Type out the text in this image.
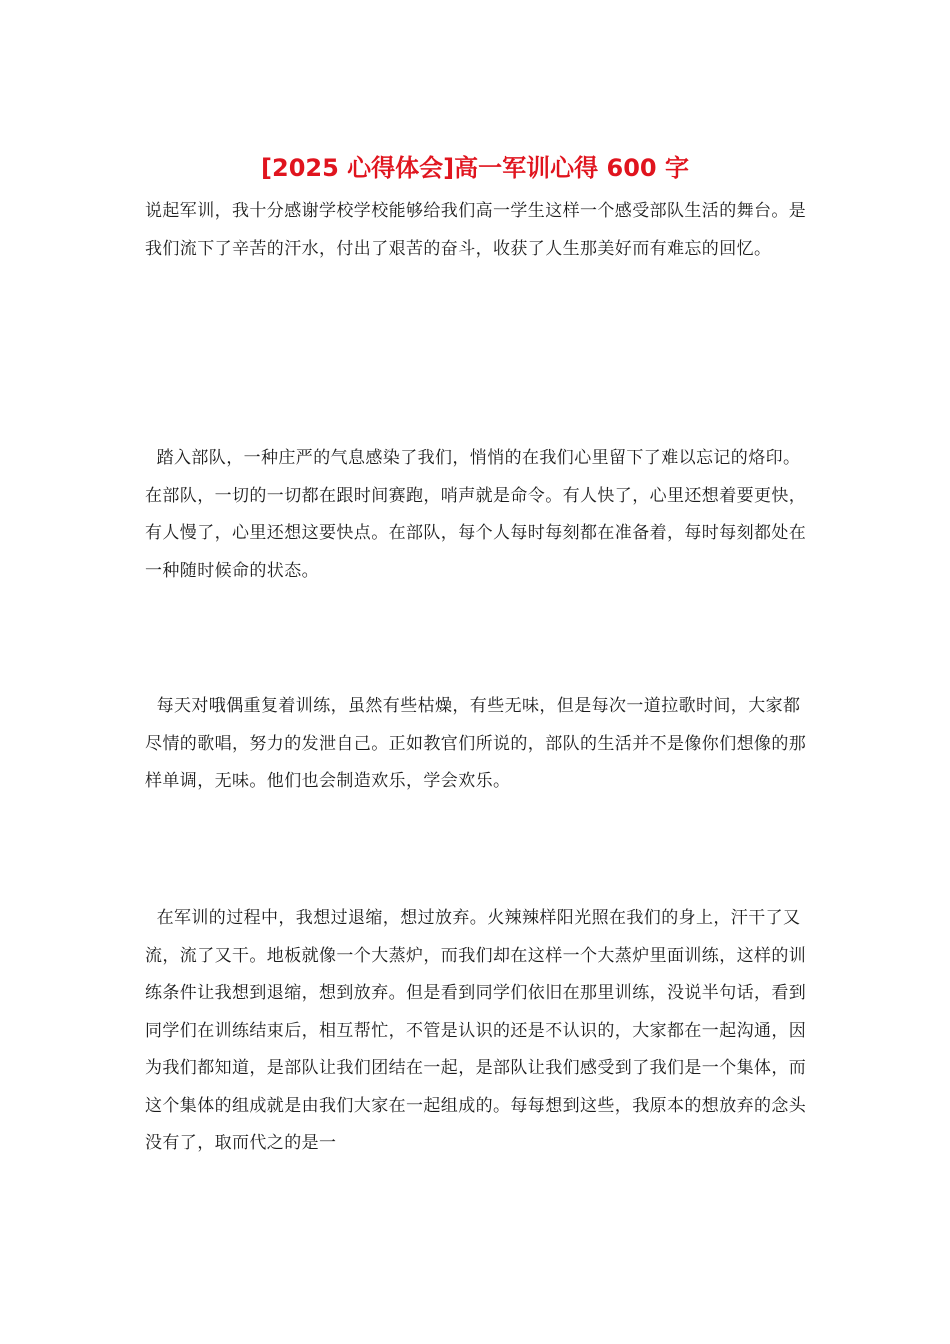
[2025 心得体会]高一军训心得 600 字

说起军训，我十分感谢学校学校能够给我们高一学生这样一个感受部队生活的舞台。是我们流下了辛苦的汗水，付出了艰苦的奋斗，收获了人生那美好而有难忘的回忆。

踏入部队，一种庄严的气息感染了我们，悄悄的在我们心里留下了难以忘记的烙印。在部队，一切的一切都在跟时间赛跑，哨声就是命令。有人快了，心里还想着要更快，有人慢了，心里还想这要快点。在部队，每个人每时每刻都在准备着，每时每刻都处在一种随时候命的状态。

每天对哦偶重复着训练，虽然有些枯燥，有些无味，但是每次一道拉歌时间，大家都尽情的歌唱，努力的发泄自己。正如教官们所说的，部队的生活并不是像你们想像的那样单调，无味。他们也会制造欢乐，学会欢乐。

在军训的过程中，我想过退缩，想过放弃。火辣辣样阳光照在我们的身上，汗干了又流，流了又干。地板就像一个大蒸炉，而我们却在这样一个大蒸炉里面训练，这样的训练条件让我想到退缩，想到放弃。但是看到同学们依旧在那里训练，没说半句话，看到同学们在训练结束后，相互帮忙，不管是认识的还是不认识的，大家都在一起沟通，因为我们都知道，是部队让我们团结在一起，是部队让我们感受到了我们是一个集体，而这个集体的组成就是由我们大家在一起组成的。每每想到这些，我原本的想放弃的念头没有了，取而代之的是一
